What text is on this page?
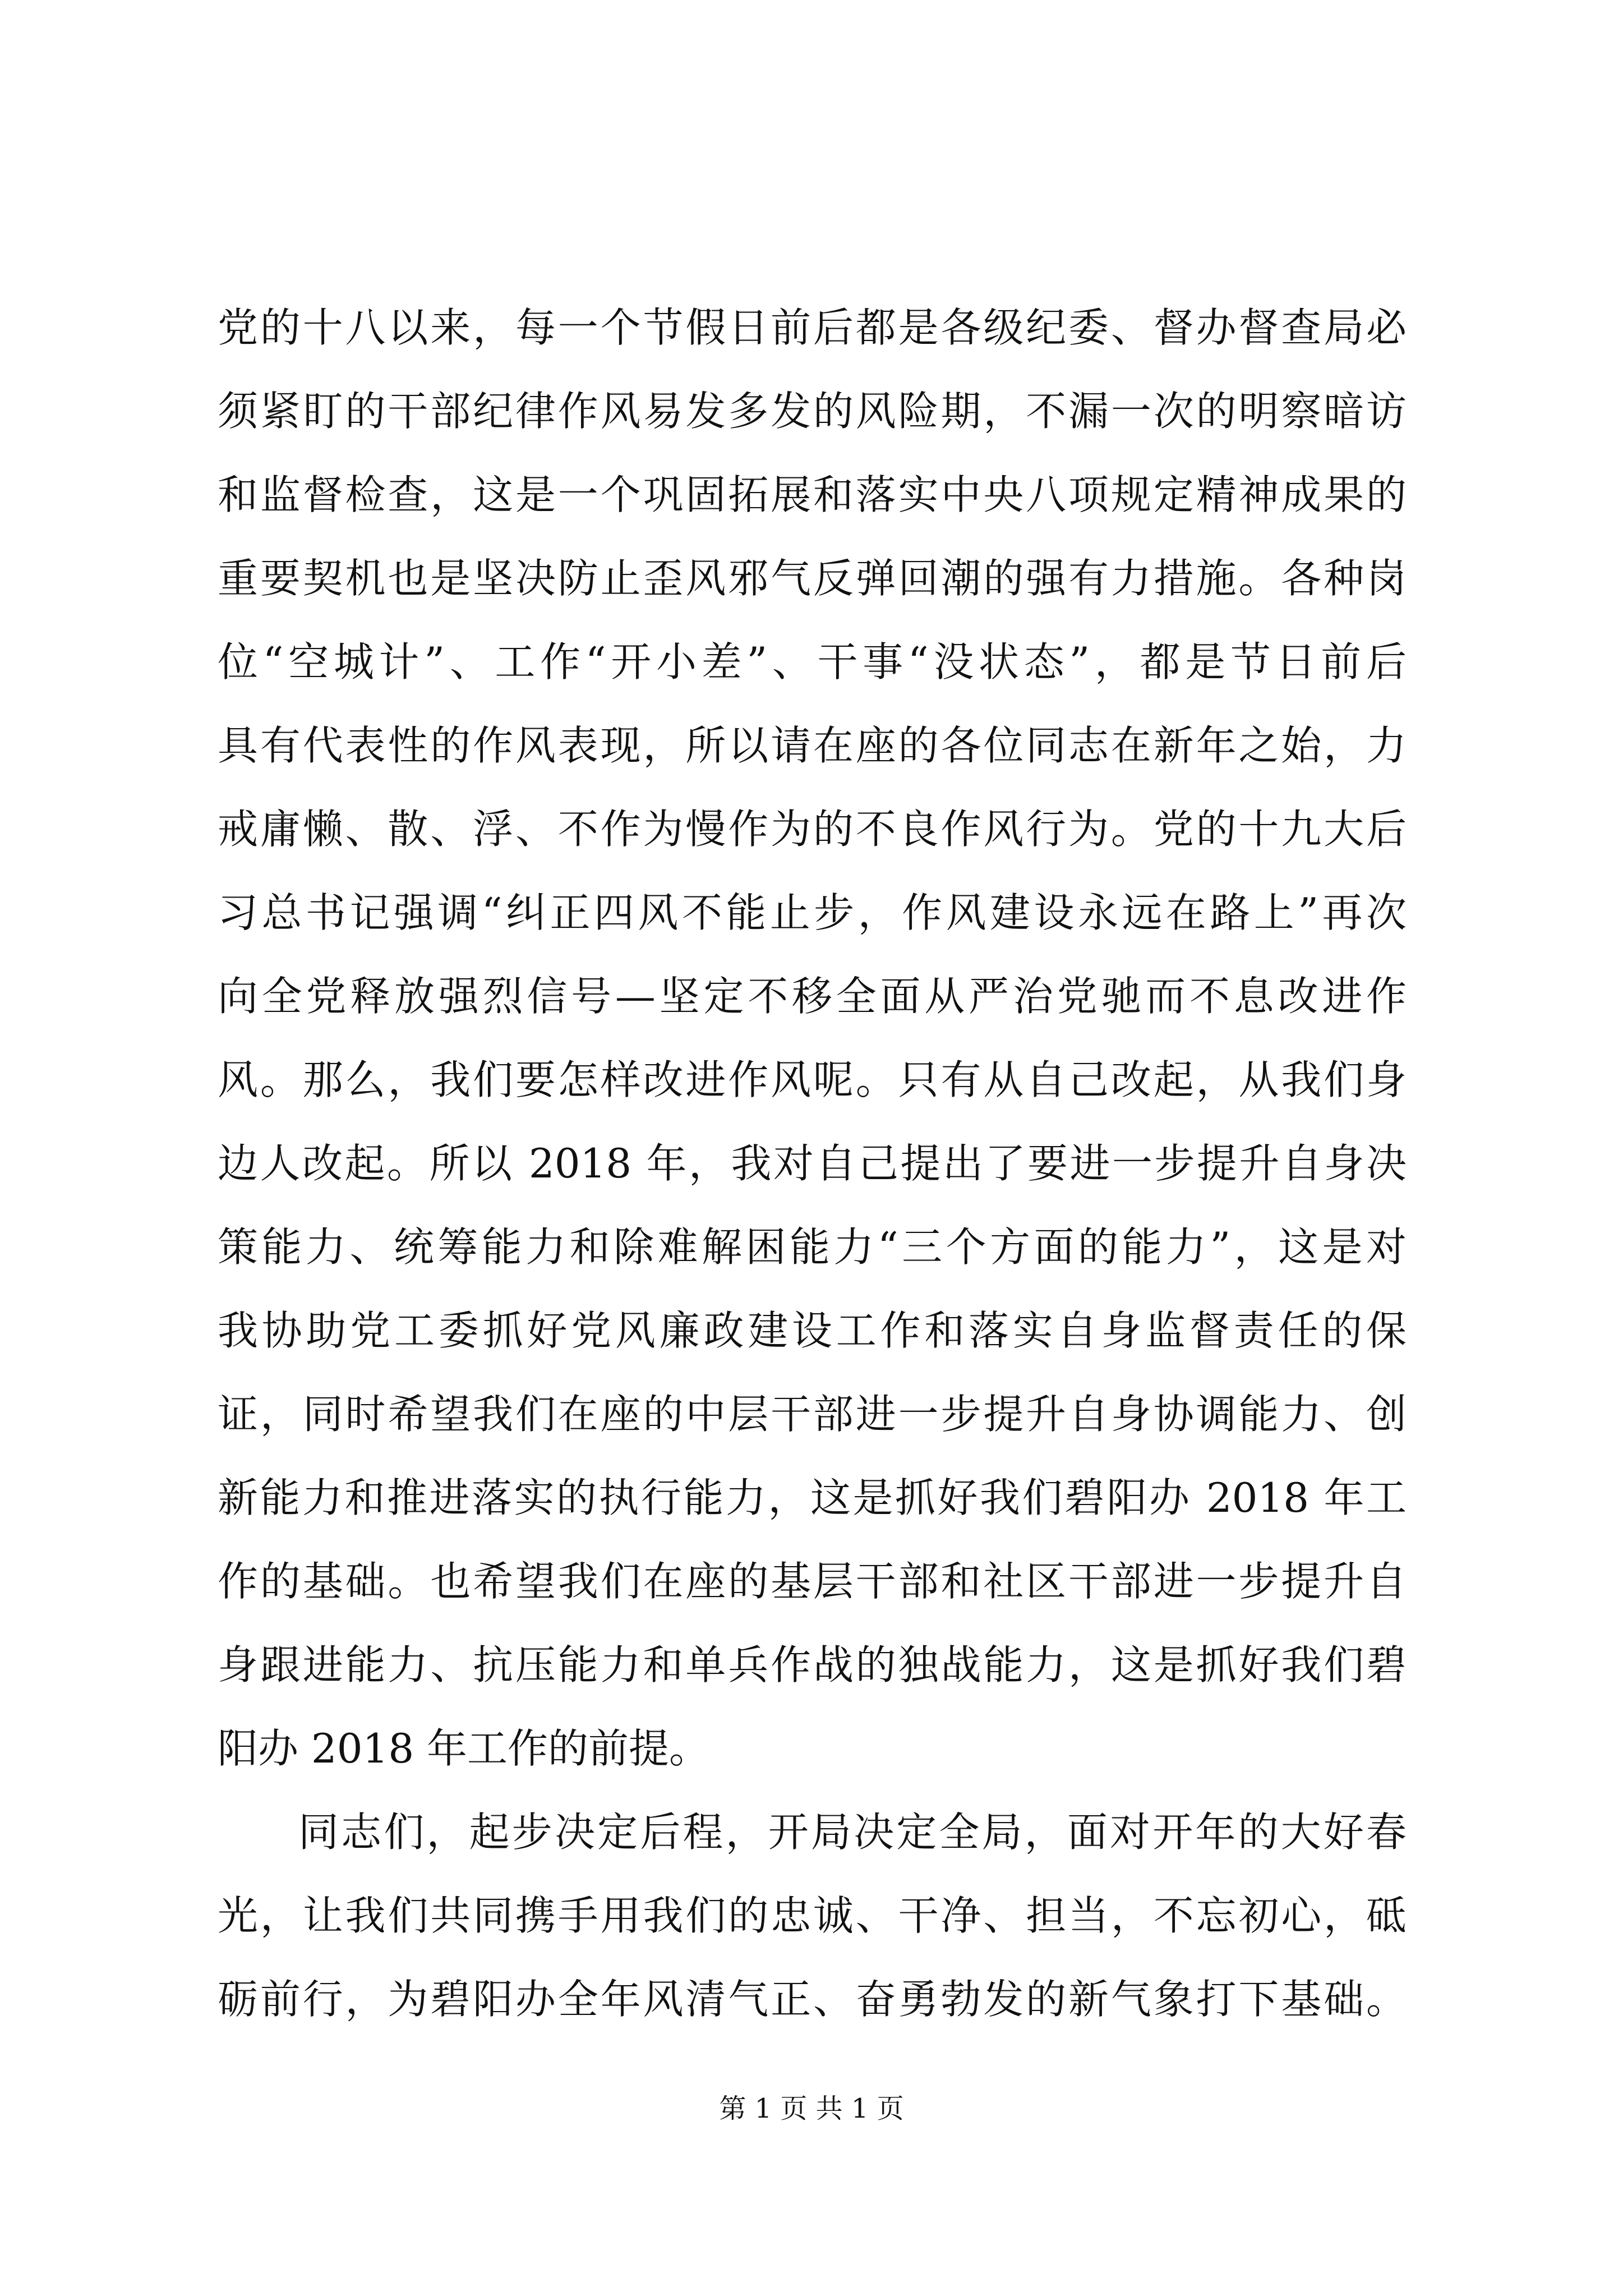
党的十八以来，每一个节假日前后都是各级纪委、督办督查局必
须紧盯的干部纪律作风易发多发的风险期，不漏一次的明察暗访
和监督检查，这是一个巩固拓展和落实中央八项规定精神成果的
重要契机也是坚决防止歪风邪气反弹回潮的强有力措施。各种岗
位“空城计”、工作“开小差”、干事“没状态”，都是节日前后
具有代表性的作风表现，所以请在座的各位同志在新年之始，力
戒庸懒、散、浮、不作为慢作为的不良作风行为。党的十九大后
习总书记强调“纠正四风不能止步，作风建设永远在路上”再次
向全党释放强烈信号—坚定不移全面从严治党驰而不息改进作
风。那么，我们要怎样改进作风呢。只有从自己改起，从我们身
边人改起。所以 2018 年，我对自己提出了要进一步提升自身决
策能力、统筹能力和除难解困能力“三个方面的能力”，这是对
我协助党工委抓好党风廉政建设工作和落实自身监督责任的保
证，同时希望我们在座的中层干部进一步提升自身协调能力、创
新能力和推进落实的执行能力，这是抓好我们碧阳办 2018 年工
作的基础。也希望我们在座的基层干部和社区干部进一步提升自
身跟进能力、抗压能力和单兵作战的独战能力，这是抓好我们碧
阳办 2018 年工作的前提。
同志们，起步决定后程，开局决定全局，面对开年的大好春
光，让我们共同携手用我们的忠诚、干净、担当，不忘初心，砥
砺前行，为碧阳办全年风清气正、奋勇勃发的新气象打下基础。
第 1 页 共 1 页
